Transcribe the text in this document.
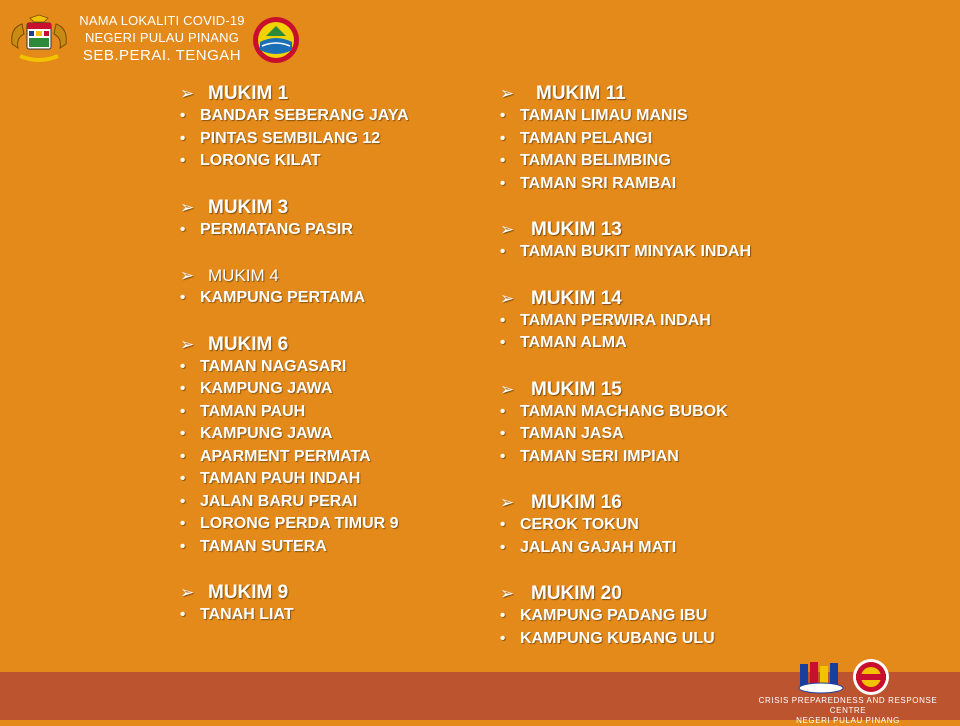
NAMA LOKALITI COVID-19
NEGERI PULAU PINANG
SEB.PERAI. TENGAH
➢ MUKIM 1
• BANDAR SEBERANG JAYA
• PINTAS SEMBILANG 12
• LORONG KILAT
➢ MUKIM 3
• PERMATANG PASIR
➢ MUKIM 4
• KAMPUNG PERTAMA
➢ MUKIM 6
• TAMAN NAGASARI
• KAMPUNG JAWA
• TAMAN PAUH
• KAMPUNG JAWA
• APARMENT PERMATA
• TAMAN PAUH INDAH
• JALAN BARU PERAI
• LORONG PERDA TIMUR 9
• TAMAN SUTERA
➢ MUKIM 9
• TANAH LIAT
➢	MUKIM 11
• TAMAN LIMAU MANIS
• TAMAN PELANGI
• TAMAN BELIMBING
• TAMAN SRI RAMBAI
➢ MUKIM 13
• TAMAN BUKIT MINYAK INDAH
➢ MUKIM 14
• TAMAN PERWIRA INDAH
• TAMAN ALMA
➢ MUKIM 15
• TAMAN MACHANG BUBOK
• TAMAN JASA
• TAMAN SERI IMPIAN
➢ MUKIM 16
• CEROK TOKUN
• JALAN GAJAH MATI
➢ MUKIM 20
• KAMPUNG PADANG IBU
• KAMPUNG KUBANG ULU
CRISIS PREPAREDNESS AND RESPONSE CENTRE
NEGERI PULAU PINANG
